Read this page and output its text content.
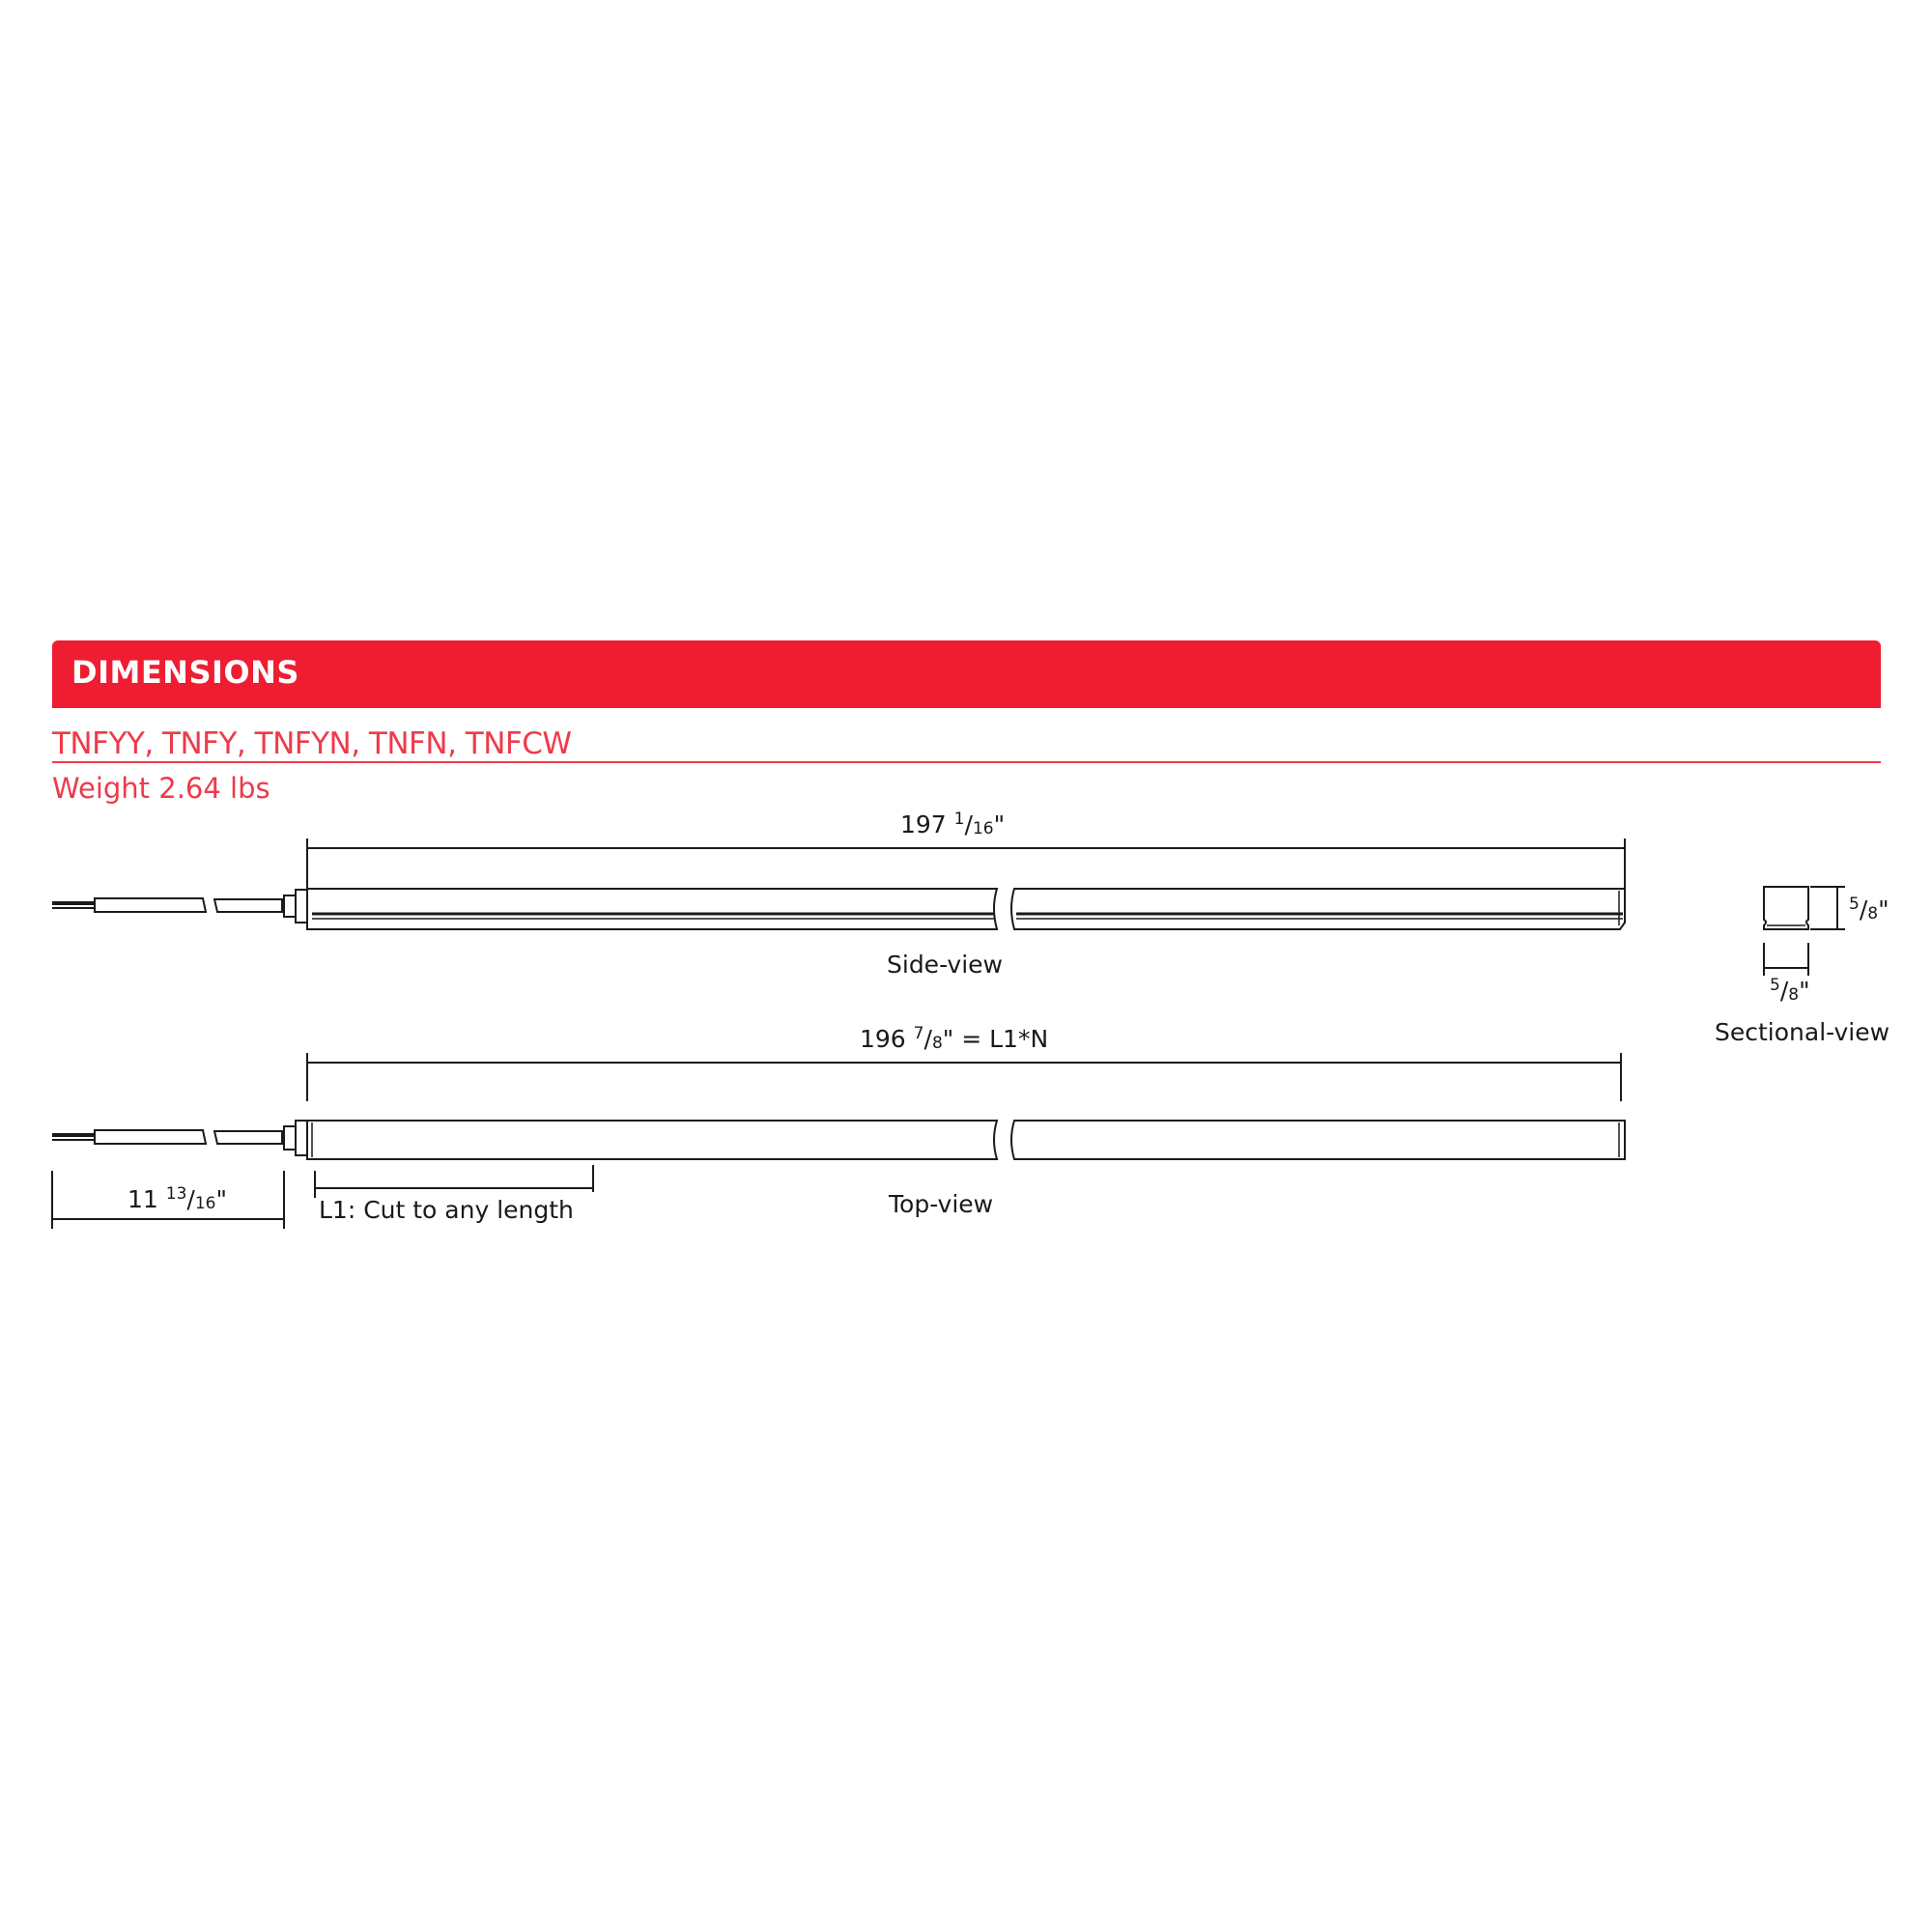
DIMENSIONS
TNFYY, TNFY, TNFYN, TNFN, TNFCW
Weight 2.64 lbs
197 $^1/_{16}$"
Side-view
196 $^7/_8$" = L1*N
Top-view
L1: Cut to any length
11 $^{13}/_{16}$"
$^5/_8$"
$^5/_8$"
Sectional-view
